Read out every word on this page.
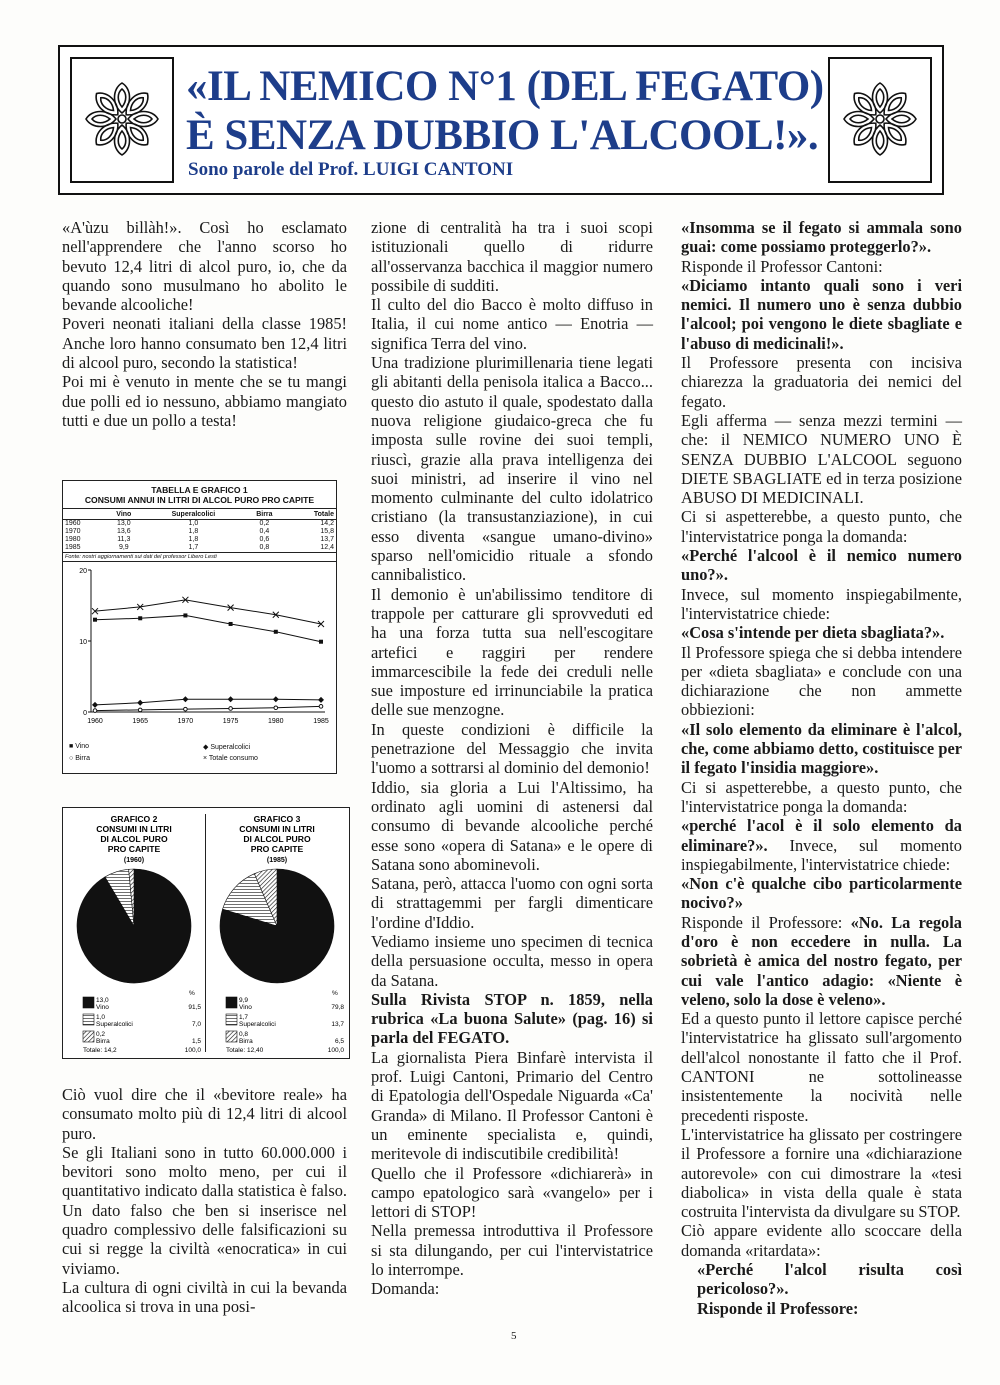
«IL NEMICO N°1 (DEL FEGATO)
È SENZA DUBBIO L'ALCOOL!».
Sono parole del Prof. LUIGI CANTONI

«A'ùzu billàh!». Così ho esclamato nell'apprendere che l'anno scorso ho bevuto 12,4 litri di alcol puro, io, che da quando sono musulmano ho abolito le bevande alcooliche!

Poveri neonati italiani della classe 1985! Anche loro hanno consumato ben 12,4 litri di alcool puro, secondo la statistica!

Poi mi è venuto in mente che se tu mangi due polli ed io nessuno, abbiamo mangiato tutti e due un pollo a testa!

TABELLA E GRAFICO 1
CONSUMI ANNUI IN LITRI DI ALCOL PURO PRO CAPITE
	Vino	Superalcolici	Birra	Totale
1960	13,0	1,0	0,2	14,2
1970	13,6	1,8	0,4	15,8
1980	11,3	1,8	0,6	13,7
1985	9,9	1,7	0,8	12,4
Fonte: nostri aggiornamenti sui dati del professor Libero Lesti
0
10
20
1960	1965	1970	1975	1980	1985
■ Vino	◆ Superalcolici
○ Birra	× Totale consumo
GRAFICO 2
CONSUMI IN LITRI
DI ALCOL PURO
PRO CAPITE
(1960)
%
13,0
Vino	91,5
1,0
Superalcolici	7,0
0,2
Birra	1,5
Totale: 14,2	100,0
GRAFICO 3
CONSUMI IN LITRI
DI ALCOL PURO
PRO CAPITE
(1985)
%
9,9
Vino	79,8
1,7
Superalcolici	13,7
0,8
Birra	6,5
Totale: 12,40	100,0

Ciò vuol dire che il «bevitore reale» ha consumato molto più di 12,4 litri di alcool puro.

Se gli Italiani sono in tutto 60.000.000 i bevitori sono molto meno, per cui il quantitativo indicato dalla statistica è falso. Un dato falso che ben si inserisce nel quadro complessivo delle falsificazioni su cui si regge la civiltà «enocratica» in cui viviamo.

La cultura di ogni civiltà in cui la bevanda alcoolica si trova in una posi-

zione di centralità ha tra i suoi scopi istituzionali quello di ridurre all'osservanza bacchica il maggior numero possibile di sudditi.

Il culto del dio Bacco è molto diffuso in Italia, il cui nome antico — Enotria — significa Terra del vino.

Una tradizione plurimillenaria tiene legati gli abitanti della penisola italica a Bacco... questo dio astuto il quale, spodestato dalla nuova religione giudaico-greca che fu imposta sulle rovine dei suoi templi, riuscì, grazie alla prava intelligenza dei suoi ministri, ad inserire il vino nel momento culminante del culto idolatrico cristiano (la transustanziazione), in cui esso diventa «sangue umano-divino» sparso nell'omicidio rituale a sfondo cannibalistico.

Il demonio è un'abilissimo tenditore di trappole per catturare gli sprovveduti ed ha una forza tutta sua nell'escogitare artefici e raggiri per rendere immarcescibile la fede dei creduli nelle sue imposture ed irrinunciabile la pratica delle sue menzogne.

In queste condizioni è difficile la penetrazione del Messaggio che invita l'uomo a sottrarsi al dominio del demonio!

Iddio, sia gloria a Lui l'Altissimo, ha ordinato agli uomini di astenersi dal consumo di bevande alcooliche perché esse sono «opera di Satana» e le opere di Satana sono abominevoli.

Satana, però, attacca l'uomo con ogni sorta di strattagemmi per fargli dimenticare l'ordine d'Iddio.

Vediamo insieme uno specimen di tecnica della persuasione occulta, messo in opera da Satana.

Sulla Rivista STOP n. 1859, nella rubrica «La buona Salute» (pag. 16) si parla del FEGATO.

La giornalista Piera Binfarè intervista il prof. Luigi Cantoni, Primario del Centro di Epatologia dell'Ospedale Niguarda «Ca' Granda» di Milano. Il Professor Cantoni è un eminente specialista e, quindi, meritevole di indiscutibile credibilità!

Quello che il Professore «dichiarerà» in campo epatologico sarà «vangelo» per i lettori di STOP!

Nella premessa introduttiva il Professore si sta dilungando, per cui l'intervistatrice lo interrompe.

Domanda:

«Insomma se il fegato si ammala sono guai: come possiamo proteggerlo?».

Risponde il Professor Cantoni:

«Diciamo intanto quali sono i veri nemici. Il numero uno è senza dubbio l'alcool; poi vengono le diete sbagliate e l'abuso di medicinali!».

Il Professore presenta con incisiva chiarezza la graduatoria dei nemici del fegato.

Egli afferma — senza mezzi termini — che: il NEMICO NUMERO UNO È SENZA DUBBIO L'ALCOOL seguono DIETE SBAGLIATE ed in terza posizione ABUSO DI MEDICINALI.

Ci si aspetterebbe, a questo punto, che l'intervistatrice ponga la domanda:

«Perché l'alcool è il nemico numero uno?».

Invece, sul momento inspiegabilmente, l'intervistatrice chiede:

«Cosa s'intende per dieta sbagliata?».

Il Professore spiega che si debba intendere per «dieta sbagliata» e conclude con una dichiarazione che non ammette obbiezioni:

«Il solo elemento da eliminare è l'alcol, che, come abbiamo detto, costituisce per il fegato l'insidia maggiore».

Ci si aspetterebbe, a questo punto, che l'intervistatrice ponga la domanda:

«perché l'acol è il solo elemento da eliminare?». Invece, sul momento inspiegabilmente, l'intervistatrice chiede:

«Non c'è qualche cibo particolarmente nocivo?»

Risponde il Professore: «No. La regola d'oro è non eccedere in nulla. La sobrietà è amica del nostro fegato, per cui vale l'antico adagio: «Niente è veleno, solo la dose è veleno».

Ed a questo punto il lettore capisce perché l'intervistatrice ha glissato sull'argomento dell'alcol nonostante il fatto che il Prof. CANTONI ne sottolineasse insistentemente la nocività nelle precedenti risposte.

L'intervistatrice ha glissato per costringere il Professore a fornire una «dichiarazione autorevole» con cui dimostrare la «tesi diabolica» in vista della quale è stata costruita l'intervista da divulgare su STOP.

Ciò appare evidente allo scoccare della domanda «ritardata»:

«Perché l'alcol risulta così pericoloso?».

Risponde il Professore:

5
